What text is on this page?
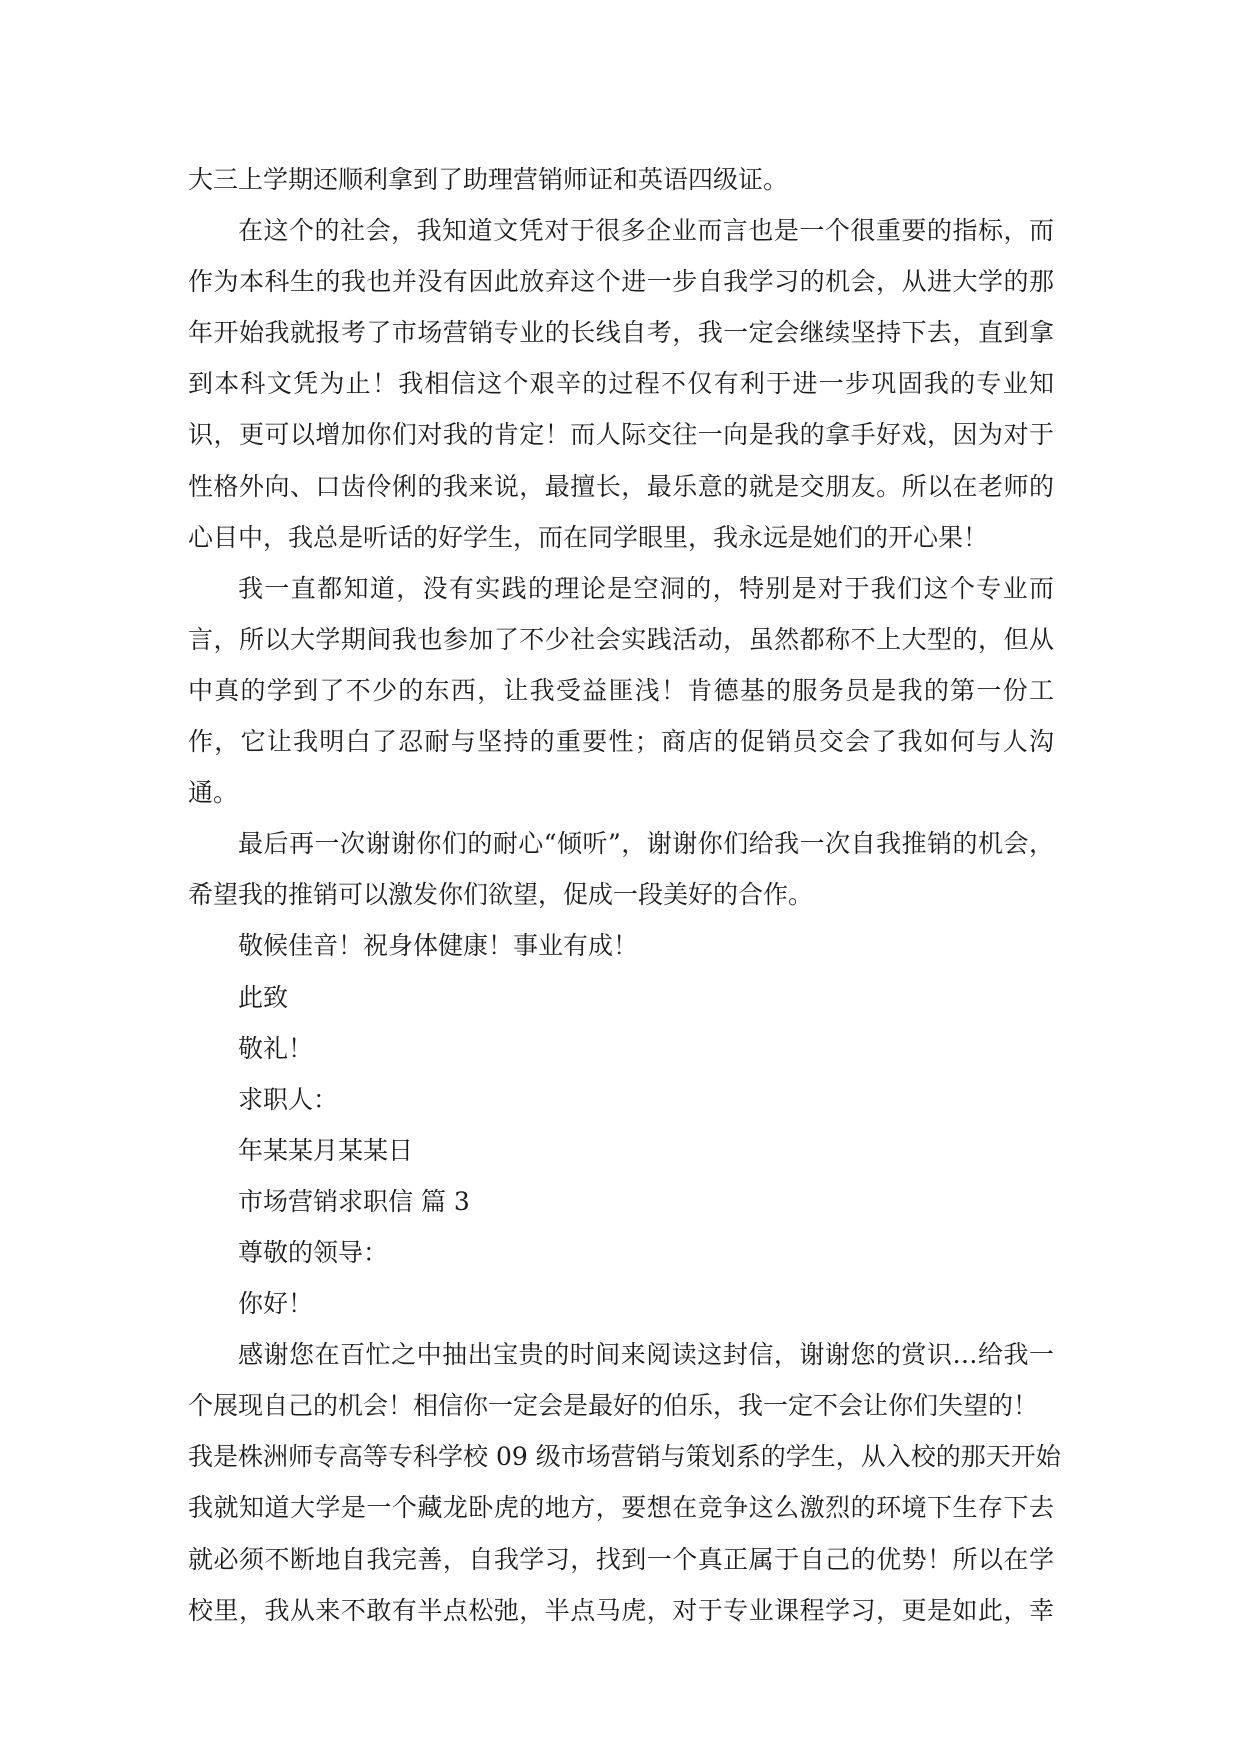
大三上学期还顺利拿到了助理营销师证和英语四级证。
在这个的社会，我知道文凭对于很多企业而言也是一个很重要的指标，而
作为本科生的我也并没有因此放弃这个进一步自我学习的机会，从进大学的那
年开始我就报考了市场营销专业的长线自考，我一定会继续坚持下去，直到拿
到本科文凭为止！我相信这个艰辛的过程不仅有利于进一步巩固我的专业知
识，更可以增加你们对我的肯定！而人际交往一向是我的拿手好戏，因为对于
性格外向、口齿伶俐的我来说，最擅长，最乐意的就是交朋友。所以在老师的
心目中，我总是听话的好学生，而在同学眼里，我永远是她们的开心果！
我一直都知道，没有实践的理论是空洞的，特别是对于我们这个专业而
言，所以大学期间我也参加了不少社会实践活动，虽然都称不上大型的，但从
中真的学到了不少的东西，让我受益匪浅！肯德基的服务员是我的第一份工
作，它让我明白了忍耐与坚持的重要性；商店的促销员交会了我如何与人沟
通。
最后再一次谢谢你们的耐心“倾听”，谢谢你们给我一次自我推销的机会，
希望我的推销可以激发你们欲望，促成一段美好的合作。
敬候佳音！祝身体健康！事业有成！
此致
敬礼！
求职人：
年某某月某某日
市场营销求职信 篇 3
尊敬的领导：
你好！
感谢您在百忙之中抽出宝贵的时间来阅读这封信，谢谢您的赏识…给我一
个展现自己的机会！相信你一定会是最好的伯乐，我一定不会让你们失望的！
我是株洲师专高等专科学校 09 级市场营销与策划系的学生，从入校的那天开始
我就知道大学是一个藏龙卧虎的地方，要想在竞争这么激烈的环境下生存下去
就必须不断地自我完善，自我学习，找到一个真正属于自己的优势！所以在学
校里，我从来不敢有半点松弛，半点马虎，对于专业课程学习，更是如此，幸
